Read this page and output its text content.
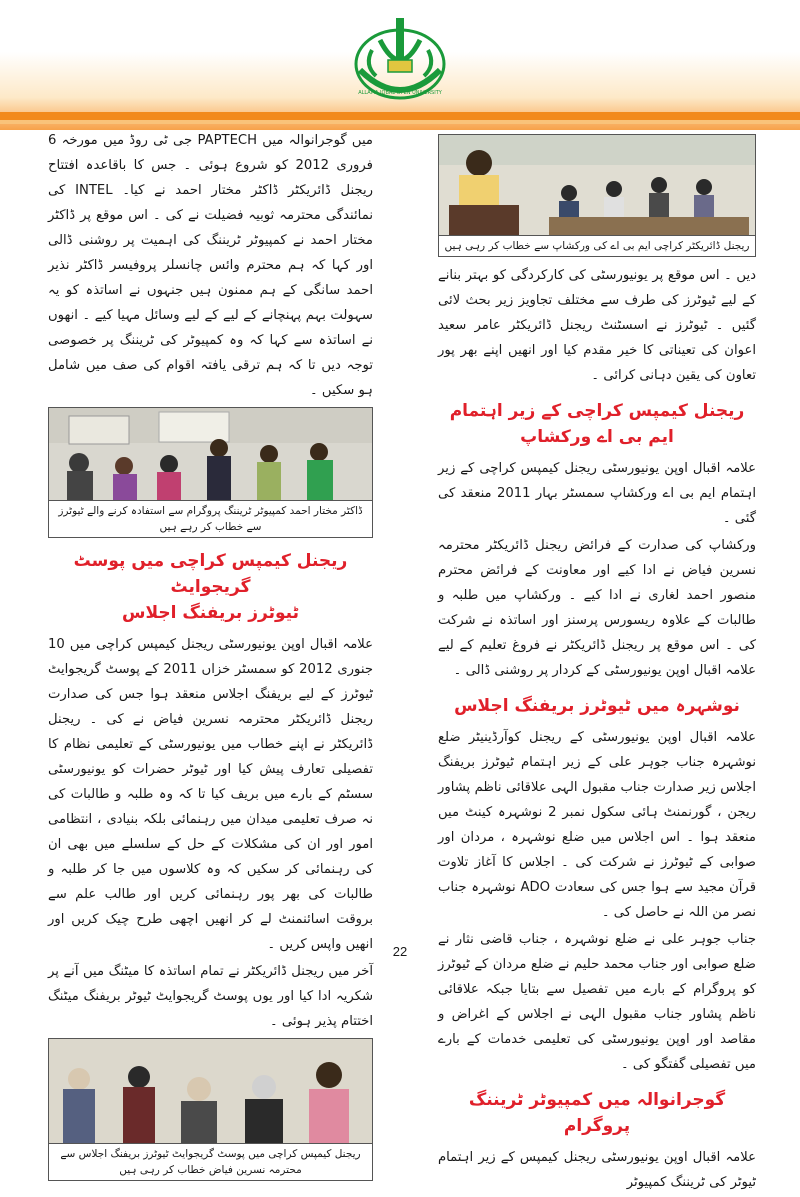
ALLAMA IQBAL OPEN UNIVERSITY

میں گوجرانوالہ میں PAPTECH جی ٹی روڈ میں مورخہ 6 فروری 2012 کو شروع ہوئی ۔ جس کا باقاعدہ افتتاح ریجنل ڈائریکٹر ڈاکٹر مختار احمد نے کیا۔ INTEL کی نمائندگی محترمہ ثوبیہ فضیلت نے کی ۔ اس موقع پر ڈاکٹر مختار احمد نے کمپیوٹر ٹریننگ کی اہمیت پر روشنی ڈالی اور کہا کہ ہم محترم وائس چانسلر پروفیسر ڈاکٹر نذیر احمد سانگی کے ہم ممنون ہیں جنہوں نے اساتذہ کو یہ سہولت بہم پہنچانے کے لیے کے لیے وسائل مہیا کیے ۔ انھوں نے اساتذہ سے کہا کہ وہ کمپیوٹر کی ٹریننگ پر خصوصی توجہ دیں تا کہ ہم ترقی یافتہ اقوام کی صف میں شامل ہو سکیں ۔

ڈاکٹر مختار احمد کمپیوٹر ٹریننگ پروگرام سے استفادہ کرنے والے ٹیوٹرز سے خطاب کر رہے ہیں
ریجنل کیمپس کراچی میں پوسٹ گریجوایٹ
ٹیوٹرز بریفنگ اجلاس

علامہ اقبال اوپن یونیورسٹی ریجنل کیمپس کراچی میں 10 جنوری 2012 کو سمسٹر خزاں 2011 کے پوسٹ گریجوایٹ ٹیوٹرز کے لیے بریفنگ اجلاس منعقد ہوا جس کی صدارت ریجنل ڈائریکٹر محترمہ نسرین فیاض نے کی ۔ ریجنل ڈائریکٹر نے اپنے خطاب میں یونیورسٹی کے تعلیمی نظام کا تفصیلی تعارف پیش کیا اور ٹیوٹر حضرات کو یونیورسٹی سسٹم کے بارے میں بریف کیا تا کہ وہ طلبہ و طالبات کی نہ صرف تعلیمی میدان میں رہنمائی بلکہ بنیادی ، انتظامی امور اور ان کی مشکلات کے حل کے سلسلے میں بھی ان کی رہنمائی کر سکیں کہ وہ کلاسوں میں جا کر طلبہ و طالبات کی بھر پور رہنمائی کریں اور طالب علم سے بروقت اسائنمنٹ لے کر انھیں اچھی طرح چیک کریں اور انھیں واپس کریں ۔

آخر میں ریجنل ڈائریکٹر نے تمام اساتذہ کا میٹنگ میں آنے پر شکریہ ادا کیا اور یوں پوسٹ گریجوایٹ ٹیوٹر بریفنگ میٹنگ اختتام پذیر ہوئی ۔

ریجنل کیمپس کراچی میں پوسٹ گریجوایٹ ٹیوٹرز بریفنگ اجلاس سے محترمہ نسرین فیاض خطاب کر رہی ہیں
ریجنل ڈائریکٹر کراچی ایم بی اے کی ورکشاپ سے خطاب کر رہی ہیں

دیں ۔ اس موقع پر یونیورسٹی کی کارکردگی کو بہتر بنانے کے لیے ٹیوٹرز کی طرف سے مختلف تجاویز زیر بحث لائی گئیں ۔ ٹیوٹرز نے اسسٹنٹ ریجنل ڈائریکٹر عامر سعید اعوان کی تعیناتی کا خیر مقدم کیا اور انھیں اپنے بھر پور تعاون کی یقین دہانی کرائی ۔

ریجنل کیمپس کراچی کے زیر اہتمام ایم بی اے ورکشاپ

علامہ اقبال اوپن یونیورسٹی ریجنل کیمپس کراچی کے زیر اہتمام ایم بی اے ورکشاپ سمسٹر بہار 2011 منعقد کی گئی ۔

ورکشاپ کی صدارت کے فرائض ریجنل ڈائریکٹر محترمہ نسرین فیاض نے ادا کیے اور معاونت کے فرائض محترم منصور احمد لغاری نے ادا کیے ۔ ورکشاپ میں طلبہ و طالبات کے علاوہ ریسورس پرسنز اور اساتذہ نے شرکت کی ۔ اس موقع پر ریجنل ڈائریکٹر نے فروغ تعلیم کے لیے علامہ اقبال اوپن یونیورسٹی کے کردار پر روشنی ڈالی ۔

نوشہرہ میں ٹیوٹرز بریفنگ اجلاس

علامہ اقبال اوپن یونیورسٹی کے ریجنل کوآرڈینیٹر ضلع نوشہرہ جناب جوہر علی کے زیر اہتمام ٹیوٹرز بریفنگ اجلاس زیر صدارت جناب مقبول الہی علاقائی ناظم پشاور ریجن ، گورنمنٹ ہائی سکول نمبر 2 نوشہرہ کینٹ میں منعقد ہوا ۔ اس اجلاس میں ضلع نوشہرہ ، مردان اور صوابی کے ٹیوٹرز نے شرکت کی ۔ اجلاس کا آغاز تلاوت قرآن مجید سے ہوا جس کی سعادت ADO نوشہرہ جناب نصر من اللہ نے حاصل کی ۔

جناب جوہر علی نے ضلع نوشہرہ ، جناب قاضی نثار نے ضلع صوابی اور جناب محمد حلیم نے ضلع مردان کے ٹیوٹرز کو پروگرام کے بارے میں تفصیل سے بتایا جبکہ علاقائی ناظم پشاور جناب مقبول الہی نے اجلاس کے اغراض و مقاصد اور اوپن یونیورسٹی کی تعلیمی خدمات کے بارے میں تفصیلی گفتگو کی ۔

گوجرانوالہ میں کمپیوٹر ٹریننگ پروگرام

علامہ اقبال اوپن یونیورسٹی ریجنل کیمپس کے زیر اہتمام ٹیوٹر کی ٹریننگ کمپیوٹر

22
